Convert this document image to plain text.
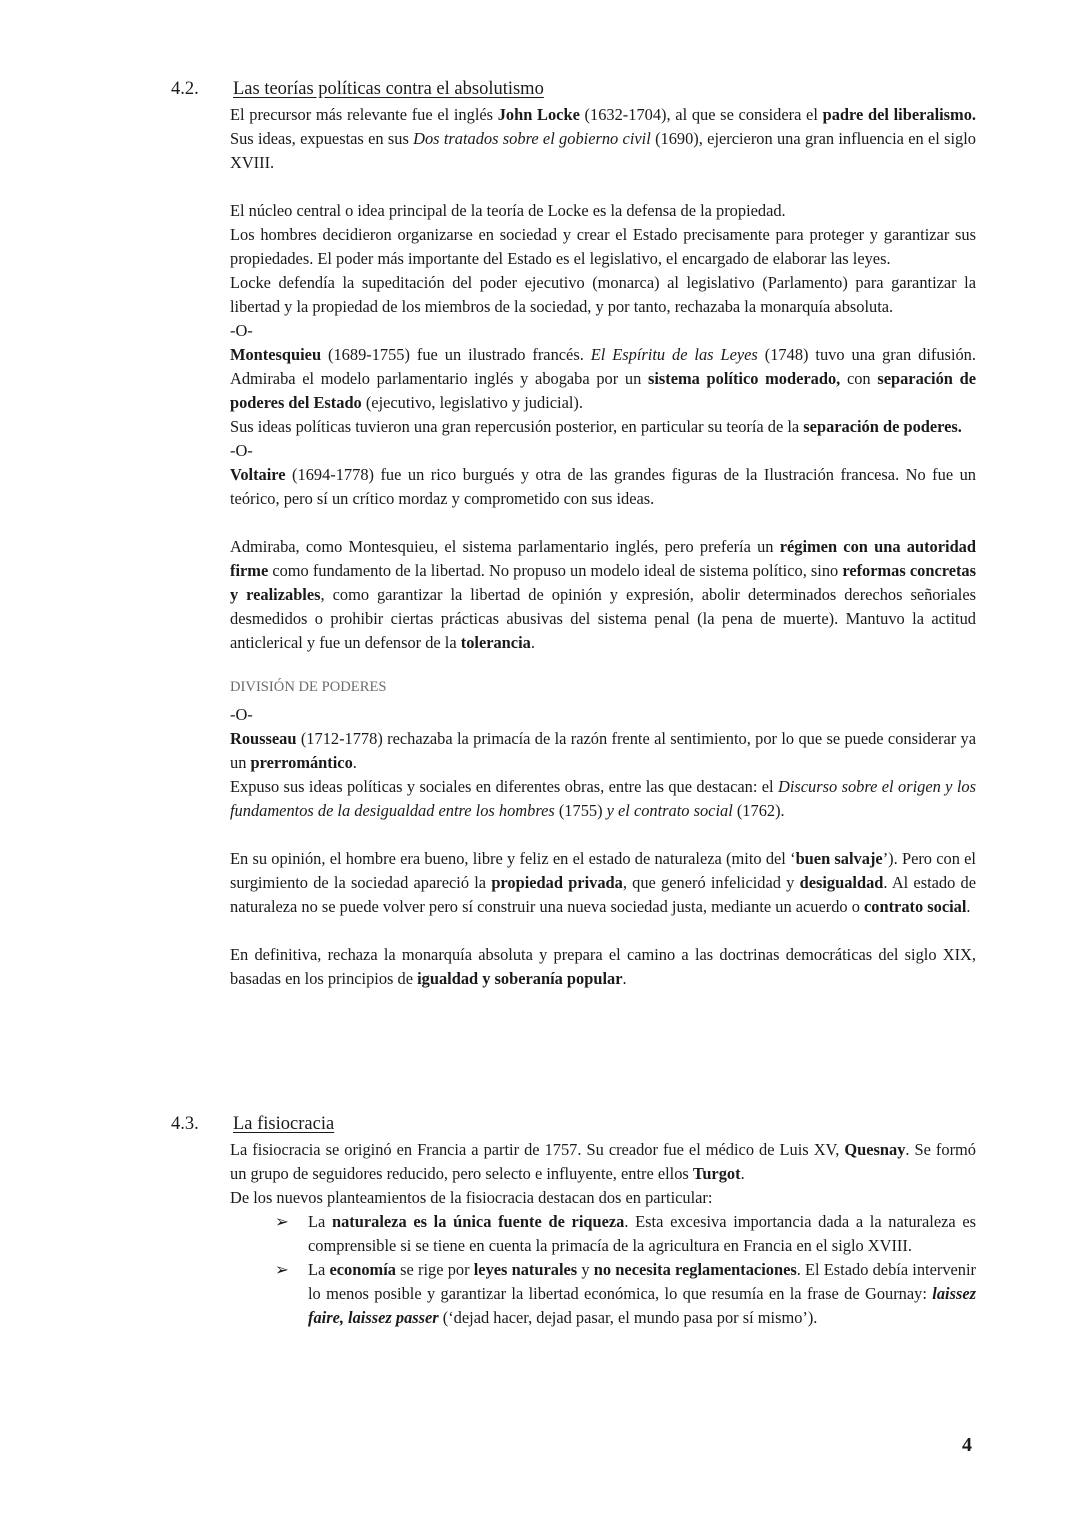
4.2. Las teorías políticas contra el absolutismo

El precursor más relevante fue el inglés John Locke (1632-1704), al que se considera el padre del liberalismo. Sus ideas, expuestas en sus Dos tratados sobre el gobierno civil (1690), ejercieron una gran influencia en el siglo XVIII.

El núcleo central o idea principal de la teoría de Locke es la defensa de la propiedad.

Los hombres decidieron organizarse en sociedad y crear el Estado precisamente para proteger y garantizar sus propiedades. El poder más importante del Estado es el legislativo, el encargado de elaborar las leyes.

Locke defendía la supeditación del poder ejecutivo (monarca) al legislativo (Parlamento) para garantizar la libertad y la propiedad de los miembros de la sociedad, y por tanto, rechazaba la monarquía absoluta.

-O-

Montesquieu (1689-1755) fue un ilustrado francés. El Espíritu de las Leyes (1748) tuvo una gran difusión. Admiraba el modelo parlamentario inglés y abogaba por un sistema político moderado, con separación de poderes del Estado (ejecutivo, legislativo y judicial).

Sus ideas políticas tuvieron una gran repercusión posterior, en particular su teoría de la separación de poderes.

-O-

Voltaire (1694-1778) fue un rico burgués y otra de las grandes figuras de la Ilustración francesa. No fue un teórico, pero sí un crítico mordaz y comprometido con sus ideas.

Admiraba, como Montesquieu, el sistema parlamentario inglés, pero prefería un régimen con una autoridad firme como fundamento de la libertad. No propuso un modelo ideal de sistema político, sino reformas concretas y realizables, como garantizar la libertad de opinión y expresión, abolir determinados derechos señoriales desmedidos o prohibir ciertas prácticas abusivas del sistema penal (la pena de muerte). Mantuvo la actitud anticlerical y fue un defensor de la tolerancia.

DIVISIÓN DE PODERES

-O-

Rousseau (1712-1778) rechazaba la primacía de la razón frente al sentimiento, por lo que se puede considerar ya un prerromántico.

Expuso sus ideas políticas y sociales en diferentes obras, entre las que destacan: el Discurso sobre el origen y los fundamentos de la desigualdad entre los hombres (1755) y el contrato social (1762).

En su opinión, el hombre era bueno, libre y feliz en el estado de naturaleza (mito del ‘buen salvaje’). Pero con el surgimiento de la sociedad apareció la propiedad privada, que generó infelicidad y desigualdad. Al estado de naturaleza no se puede volver pero sí construir una nueva sociedad justa, mediante un acuerdo o contrato social.

En definitiva, rechaza la monarquía absoluta y prepara el camino a las doctrinas democráticas del siglo XIX, basadas en los principios de igualdad y soberanía popular.

4.3. La fisiocracia

La fisiocracia se originó en Francia a partir de 1757. Su creador fue el médico de Luis XV, Quesnay. Se formó un grupo de seguidores reducido, pero selecto e influyente, entre ellos Turgot.

De los nuevos planteamientos de la fisiocracia destacan dos en particular:

➢ La naturaleza es la única fuente de riqueza. Esta excesiva importancia dada a la naturaleza es comprensible si se tiene en cuenta la primacía de la agricultura en Francia en el siglo XVIII.
➢ La economía se rige por leyes naturales y no necesita reglamentaciones. El Estado debía intervenir lo menos posible y garantizar la libertad económica, lo que resumía en la frase de Gournay: laissez faire, laissez passer (‘dejad hacer, dejad pasar, el mundo pasa por sí mismo’).
4
